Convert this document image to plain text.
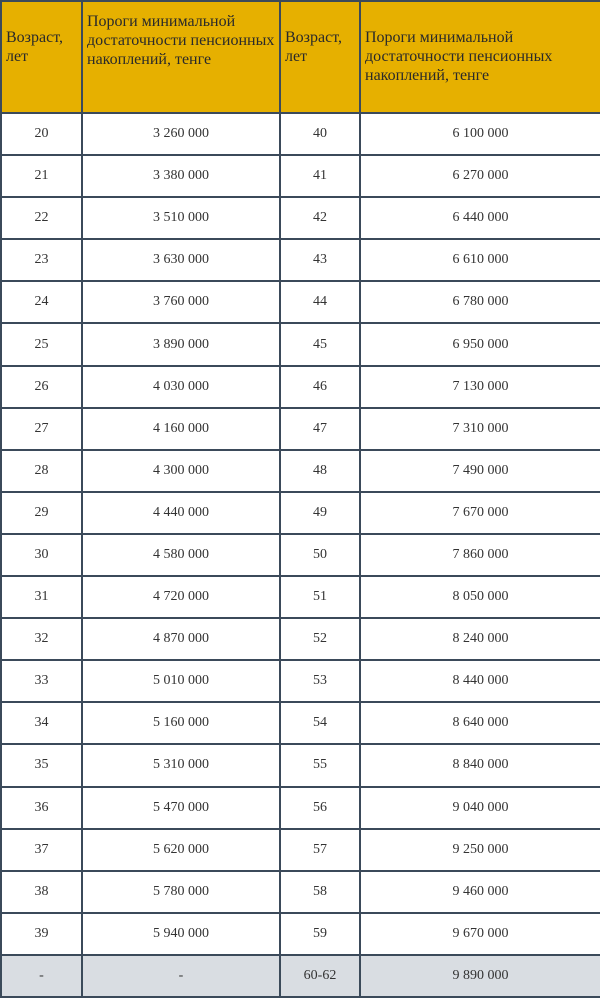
Возраст, лет	Пороги минимальной достаточности пенсионных накоплений, тенге	Возраст, лет	Пороги минимальной достаточности пенсионных накоплений, тенге
20	3 260 000	40	6 100 000
21	3 380 000	41	6 270 000
22	3 510 000	42	6 440 000
23	3 630 000	43	6 610 000
24	3 760 000	44	6 780 000
25	3 890 000	45	6 950 000
26	4 030 000	46	7 130 000
27	4 160 000	47	7 310 000
28	4 300 000	48	7 490 000
29	4 440 000	49	7 670 000
30	4 580 000	50	7 860 000
31	4 720 000	51	8 050 000
32	4 870 000	52	8 240 000
33	5 010 000	53	8 440 000
34	5 160 000	54	8 640 000
35	5 310 000	55	8 840 000
36	5 470 000	56	9 040 000
37	5 620 000	57	9 250 000
38	5 780 000	58	9 460 000
39	5 940 000	59	9 670 000
-	-	60-62	9 890 000
